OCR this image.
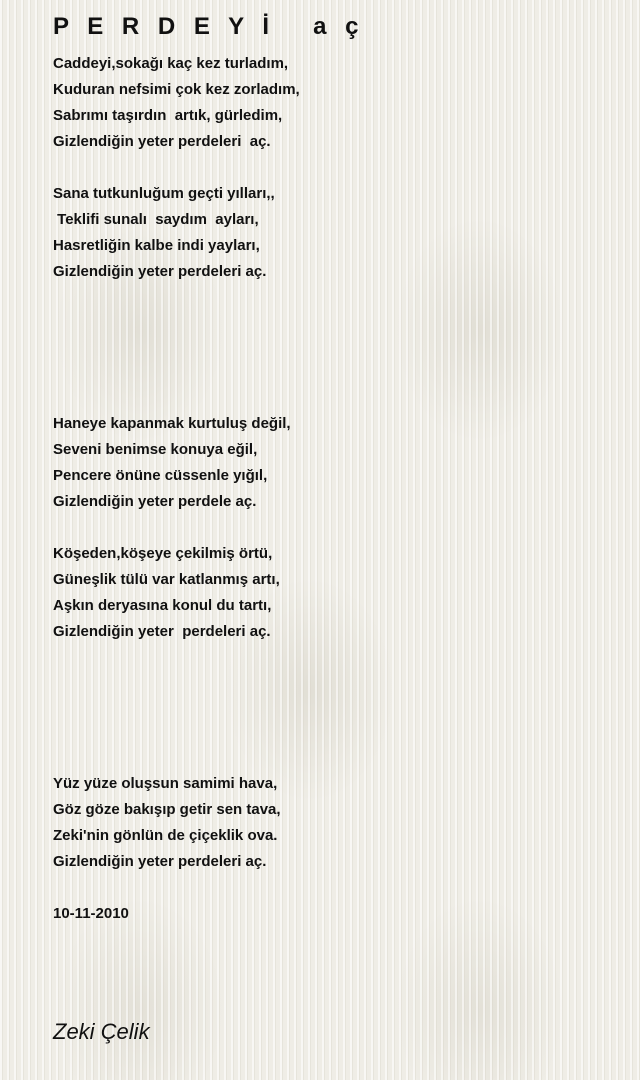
P E R D E Y İ   a ç
Caddeyi,sokağı kaç kez turladım,
Kuduran nefsimi çok kez zorladım,
Sabrımı taşırdın  artık, gürledim,
Gizlendiğin yeter perdeleri  aç.
Sana tutkunluğum geçti yılları,,
Teklifi sunalı  saydım  ayları,
Hasretliğin kalbe indi yayları,
Gizlendiğin yeter perdeleri aç.
Haneye kapanmak kurtuluş değil,
Seveni benimse konuya eğil,
Pencere önüne cüssenle yığıl,
Gizlendiğin yeter perdele aç.
Köşeden,köşeye çekilmiş örtü,
Güneşlik tülü var katlanmış artı,
Aşkın deryasına konul du tartı,
Gizlendiğin yeter  perdeleri aç.
Yüz yüze oluşsun samimi hava,
Göz göze bakışıp getir sen tava,
Zeki'nin gönlün de çiçeklik ova.
Gizlendiğin yeter perdeleri aç.
10-11-2010
Zeki Çelik
